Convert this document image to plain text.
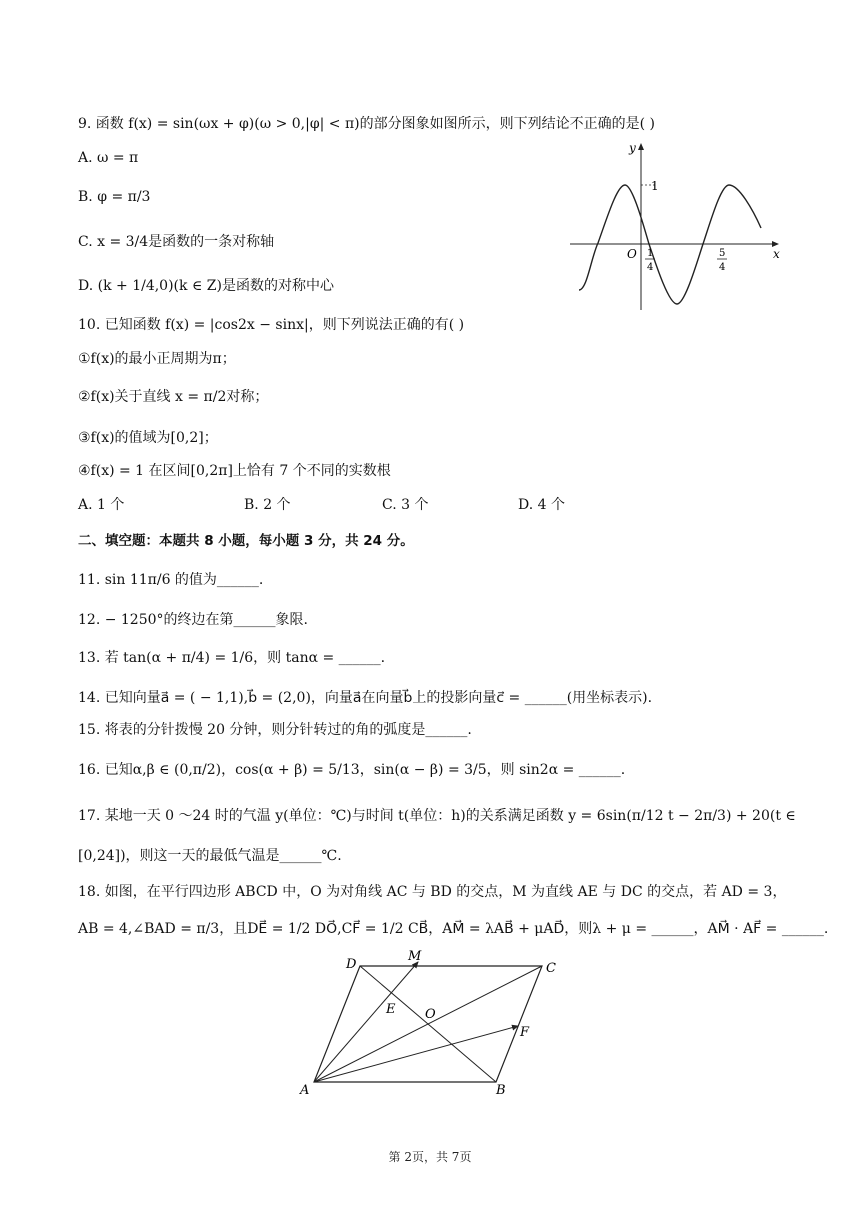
9. 函数 f(x) = sin(ωx + φ)(ω > 0,|φ| < π)的部分图象如图所示，则下列结论不正确的是( )
A. ω = π
B. φ = π/3
C. x = 3/4是函数的一条对称轴
D. (k + 1/4,0)(k ∈ Z)是函数的对称中心
y
x
1
O 1
4
5
4
10. 已知函数 f(x) = |cos2x − sinx|，则下列说法正确的有( )
①f(x)的最小正周期为π；
②f(x)关于直线 x = π/2对称；
③f(x)的值域为[0,2]；
④f(x) = 1 在区间[0,2π]上恰有 7 个不同的实数根
A. 1 个	B. 2 个	C. 3 个	D. 4 个
二、填空题：本题共 8 小题，每小题 3 分，共 24 分。
11. sin 11π/6 的值为______.
12. − 1250°的终边在第______象限.
13. 若 tan(α + π/4) = 1/6，则 tanα = ______.
14. 已知向量a⃗ = ( − 1,1),b⃗ = (2,0)，向量a⃗在向量b⃗上的投影向量c⃗ = ______(用坐标表示).
15. 将表的分针拨慢 20 分钟，则分针转过的角的弧度是______.
16. 已知α,β ∈ (0,π/2)，cos(α + β) = 5/13，sin(α − β) = 3/5，则 sin2α = ______.
17. 某地一天 0 ～24 时的气温 y(单位：℃)与时间 t(单位：h)的关系满足函数 y = 6sin(π/12 t − 2π/3) + 20(t ∈
[0,24])，则这一天的最低气温是______℃.
18. 如图，在平行四边形 ABCD 中，O 为对角线 AC 与 BD 的交点，M 为直线 AE 与 DC 的交点，若 AD = 3，
AB = 4,∠BAD = π/3，且DE⃗ = 1/2 DO⃗,CF⃗ = 1/2 CB⃗，AM⃗ = λAB⃗ + μAD⃗，则λ + μ = ______，AM⃗ · AF⃗ = ______.
A	B
C
D
M
E O
F
第 2页，共 7页
